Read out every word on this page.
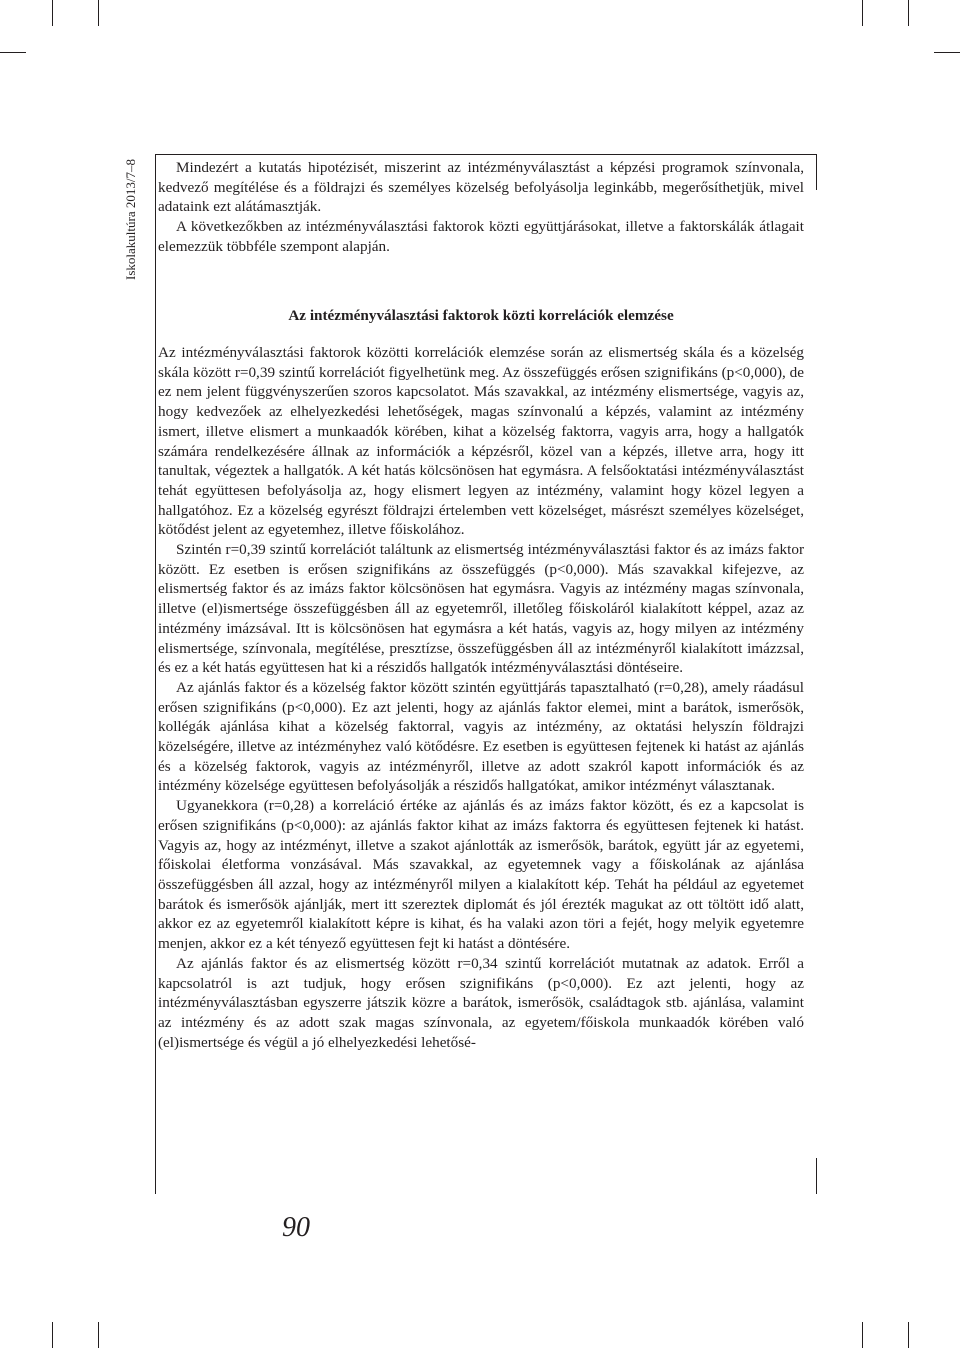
Iskolakultúra 2013/7–8	Mindezért a kutatás hipotézisét, miszerint az intézményválasztást a képzési programok színvonala, kedvező megítélése és a földrajzi és személyes közelség befolyásolja leginkább, megerősíthetjük, mivel adataink ezt alátámasztják.

A következőkben az intézményválasztási faktorok közti együttjárásokat, illetve a faktorskálák átlagait elemezzük többféle szempont alapján.

Az intézményválasztási faktorok közti korrelációk elemzése

Az intézményválasztási faktorok közötti korrelációk elemzése során az elismertség skála és a közelség skála között r=0,39 szintű korrelációt figyelhetünk meg. Az összefüggés erősen szignifikáns (p<0,000), de ez nem jelent függvényszerűen szoros kapcsolatot. Más szavakkal, az intézmény elismertsége, vagyis az, hogy kedvezőek az elhelyezkedési lehetőségek, magas színvonalú a képzés, valamint az intézmény ismert, illetve elismert a munkaadók körében, kihat a közelség faktorra, vagyis arra, hogy a hallgatók számára rendelkezésére állnak az információk a képzésről, közel van a képzés, illetve arra, hogy itt tanultak, végeztek a hallgatók. A két hatás kölcsönösen hat egymásra. A felsőoktatási intézményválasztást tehát együttesen befolyásolja az, hogy elismert legyen az intézmény, valamint hogy közel legyen a hallgatóhoz. Ez a közelség egyrészt földrajzi értelemben vett közelséget, másrészt személyes közelséget, kötődést jelent az egyetemhez, illetve főiskolához.

Szintén r=0,39 szintű korrelációt találtunk az elismertség intézményválasztási faktor és az imázs faktor között. Ez esetben is erősen szignifikáns az összefüggés (p<0,000). Más szavakkal kifejezve, az elismertség faktor és az imázs faktor kölcsönösen hat egymásra. Vagyis az intézmény magas színvonala, illetve (el)ismertsége összefüggésben áll az egyetemről, illetőleg főiskoláról kialakított képpel, azaz az intézmény imázsával. Itt is kölcsönösen hat egymásra a két hatás, vagyis az, hogy milyen az intézmény elismertsége, színvonala, megítélése, presztízse, összefüggésben áll az intézményről kialakított imázzsal, és ez a két hatás együttesen hat ki a részidős hallgatók intézményválasztási döntéseire.

Az ajánlás faktor és a közelség faktor között szintén együttjárás tapasztalható (r=0,28), amely ráadásul erősen szignifikáns (p<0,000). Ez azt jelenti, hogy az ajánlás faktor elemei, mint a barátok, ismerősök, kollégák ajánlása kihat a közelség faktorral, vagyis az intézmény, az oktatási helyszín földrajzi közelségére, illetve az intézményhez való kötődésre. Ez esetben is együttesen fejtenek ki hatást az ajánlás és a közelség faktorok, vagyis az intézményről, illetve az adott szakról kapott információk és az intézmény közelsége együttesen befolyásolják a részidős hallgatókat, amikor intézményt választanak.

Ugyanekkora (r=0,28) a korreláció értéke az ajánlás és az imázs faktor között, és ez a kapcsolat is erősen szignifikáns (p<0,000): az ajánlás faktor kihat az imázs faktorra és együttesen fejtenek ki hatást. Vagyis az, hogy az intézményt, illetve a szakot ajánlották az ismerősök, barátok, együtt jár az egyetemi, főiskolai életforma vonzásával. Más szavakkal, az egyetemnek vagy a főiskolának az ajánlása összefüggésben áll azzal, hogy az intézményről milyen a kialakított kép. Tehát ha például az egyetemet barátok és ismerősök ajánlják, mert itt szereztek diplomát és jól érezték magukat az ott töltött idő alatt, akkor ez az egyetemről kialakított képre is kihat, és ha valaki azon töri a fejét, hogy melyik egyetemre menjen, akkor ez a két tényező együttesen fejt ki hatást a döntésére.

Az ajánlás faktor és az elismertség között r=0,34 szintű korrelációt mutatnak az adatok. Erről a kapcsolatról is azt tudjuk, hogy erősen szignifikáns (p<0,000). Ez azt jelenti, hogy az intézményválasztásban egyszerre játszik közre a barátok, ismerősök, családtagok stb. ajánlása, valamint az intézmény és az adott szak magas színvonala, az egyetem/főiskola munkaadók körében való (el)ismertsége és végül a jó elhelyezkedési lehetősé-

90
